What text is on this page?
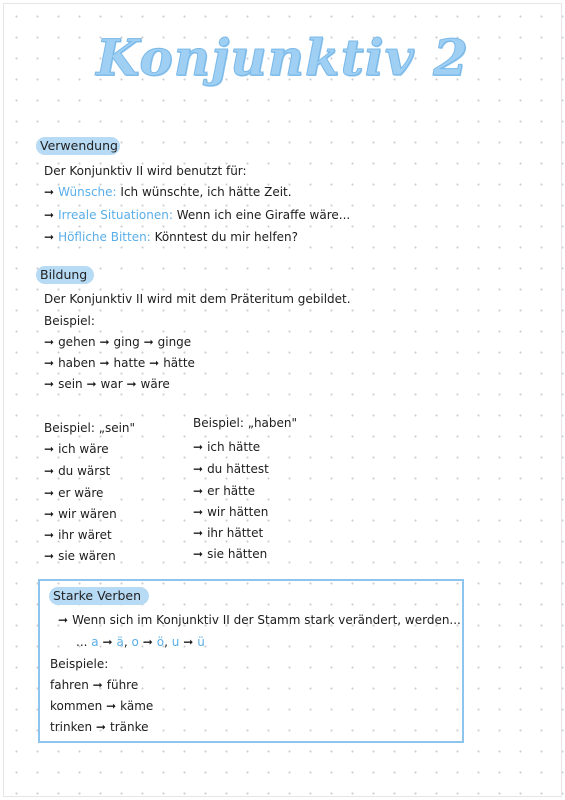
Konjunktiv 2
Verwendung
Der Konjunktiv II wird benutzt für:
➞ Wünsche: Ich wünschte, ich hätte Zeit.
➞ Irreale Situationen: Wenn ich eine Giraffe wäre...
➞ Höfliche Bitten: Könntest du mir helfen?
Bildung
Der Konjunktiv II wird mit dem Präteritum gebildet.
Beispiel:
➞ gehen ➞ ging ➞ ginge
➞ haben ➞ hatte ➞ hätte
➞ sein ➞ war ➞ wäre
Beispiel: „sein"	Beispiel: „haben"
➞ ich wäre
➞ du wärst
➞ er wäre
➞ wir wären
➞ ihr wäret
➞ sie wären
➞ ich hätte
➞ du hättest
➞ er hätte
➞ wir hätten
➞ ihr hättet
➞ sie hätten
Starke Verben
➞ Wenn sich im Konjunktiv II der Stamm stark verändert, werden...
... a ➞ ä, o ➞ ö, u ➞ ü
Beispiele:
fahren ➞ führe
kommen ➞ käme
trinken ➞ tränke
